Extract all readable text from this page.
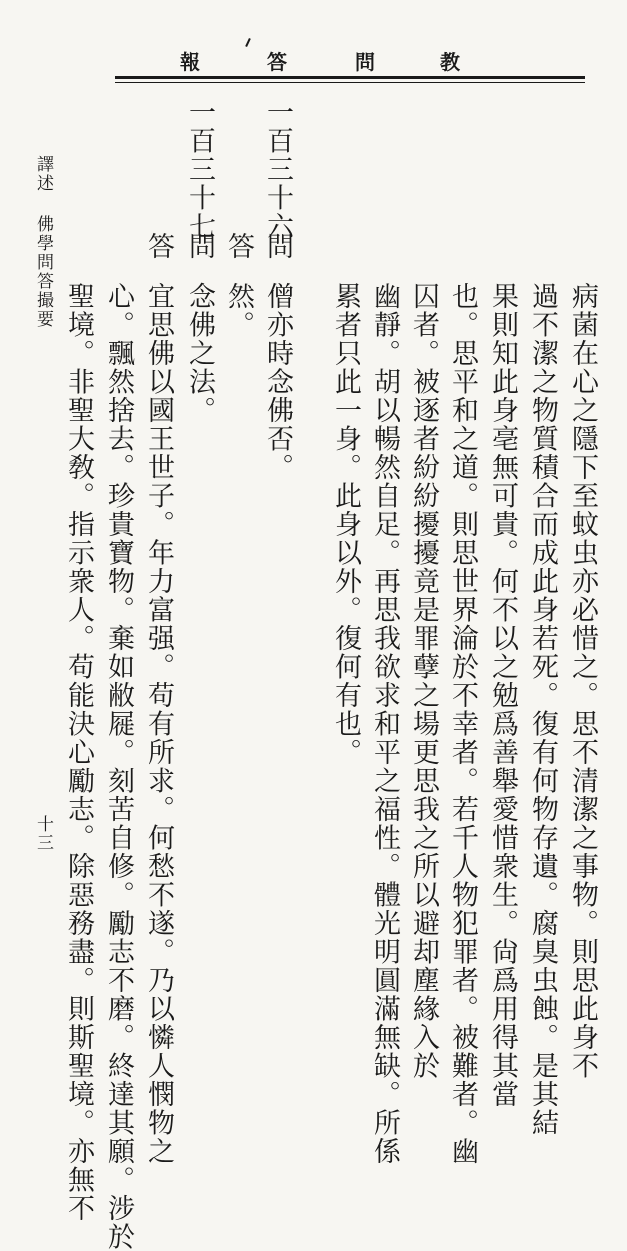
報	答	問	教
病菌在心之隱下至蚊虫亦必惜之。思不清潔之事物。則思此身不
過不潔之物質積合而成此身若死。復有何物存遺。腐臭虫蝕。是其結
果則知此身亳無可貴。何不以之勉爲善舉愛惜衆生。尙爲用得其當
也。思平和之道。則思世界淪於不幸者。若千人物犯罪者。被難者。幽
囚者。被逐者紛紛擾擾竟是罪孽之場更思我之所以避却塵緣入於
幽靜。胡以暢然自足。再思我欲求和平之福性。體光明圓滿無缺。所係
累者只此一身。此身以外。復何有也。
一百三十六
問
僧亦時念佛否。
答
然。
一百三十七
問
念佛之法。
答
宜思佛以國王世子。年力富强。苟有所求。何愁不遂。乃以憐人憫物之
心。飄然捨去。珍貴寶物。棄如敝屣。刻苦自修。勵志不磨。終達其願。涉於
聖境。非聖大敎。指示衆人。苟能決心勵志。除惡務盡。則斯聖境。亦無不
譯述 佛學問答撮要
十三
